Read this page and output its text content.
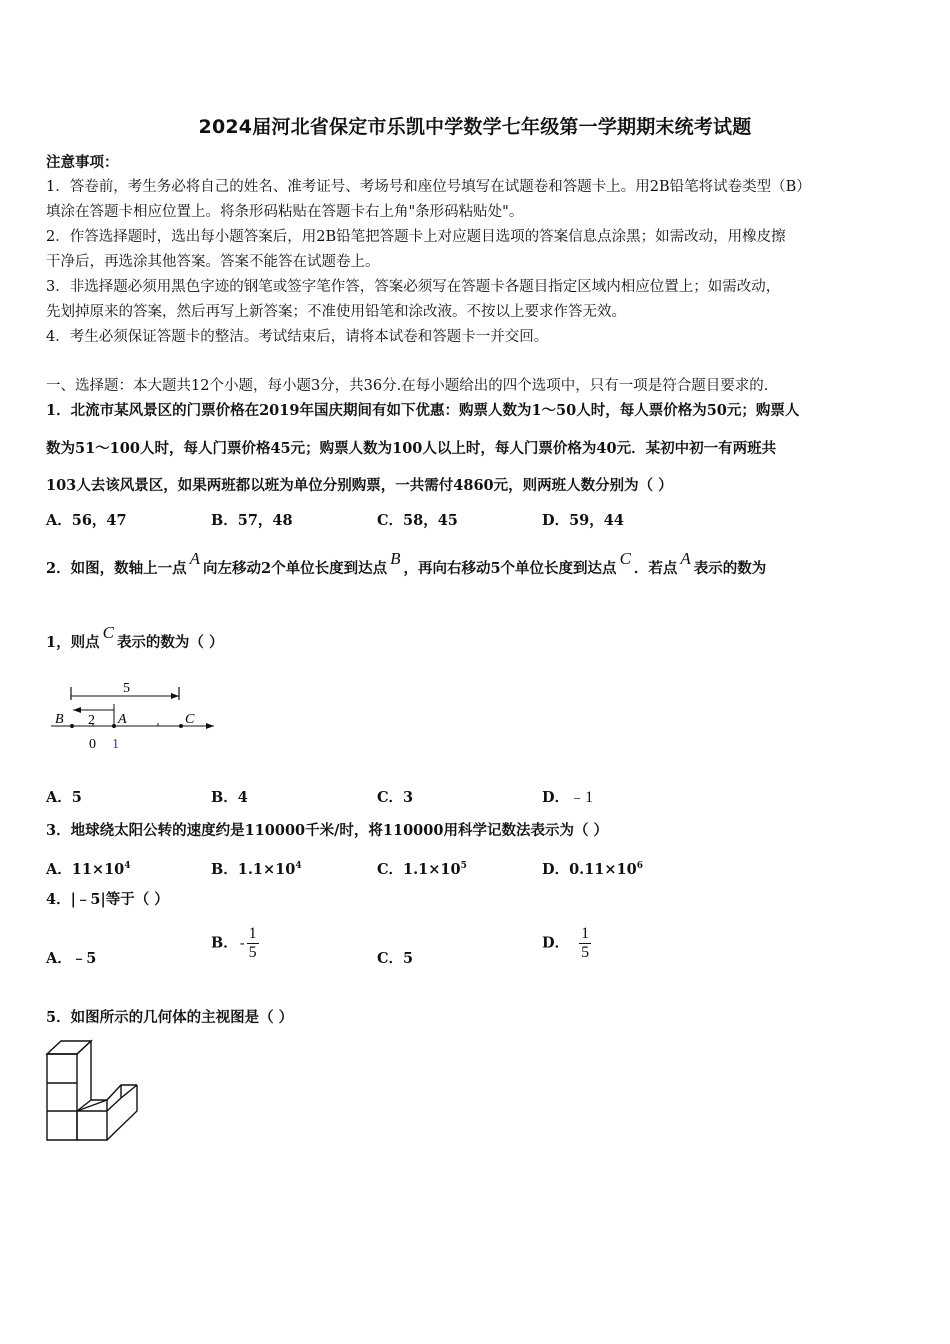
2024届河北省保定市乐凯中学数学七年级第一学期期末统考试题
注意事项：
1．答卷前，考生务必将自己的姓名、准考证号、考场号和座位号填写在试题卷和答题卡上。用2B铅笔将试卷类型（B）
填涂在答题卡相应位置上。将条形码粘贴在答题卡右上角"条形码粘贴处"。
2．作答选择题时，选出每小题答案后，用2B铅笔把答题卡上对应题目选项的答案信息点涂黑；如需改动，用橡皮擦
干净后，再选涂其他答案。答案不能答在试题卷上。
3．非选择题必须用黑色字迹的钢笔或签字笔作答，答案必须写在答题卡各题目指定区域内相应位置上；如需改动，
先划掉原来的答案，然后再写上新答案；不准使用铅笔和涂改液。不按以上要求作答无效。
4．考生必须保证答题卡的整洁。考试结束后，请将本试卷和答题卡一并交回。
一、选择题：本大题共12个小题，每小题3分，共36分.在每小题给出的四个选项中，只有一项是符合题目要求的.
1．北流市某风景区的门票价格在2019年国庆期间有如下优惠：购票人数为1～50人时，每人票价格为50元；购票人
数为51～100人时，每人门票价格45元；购票人数为100人以上时，每人门票价格为40元．某初中初一有两班共
103人去该风景区，如果两班都以班为单位分别购票，一共需付4860元，则两班人数分别为（ ）
A．56，47	B．57，48	C．58，45	D．59，44
2．如图，数轴上一点A向左移动2个单位长度到达点B，再向右移动5个单位长度到达点C．若点A表示的数为
1，则点C表示的数为（ ）
5
2
B	A	C
0 1
A．5	B．4	C．3	D．﹣1
3．地球绕太阳公转的速度约是110000千米/时，将110000用科学记数法表示为（ ）
A．$11\times 10^4$	B．$1.1\times 10^4$	C．$1.1\times 10^5$	D．$0.11\times 10^6$
4．|﹣5|等于（ ）
A．﹣5
B． - $\frac{1}{5}$	C．5
D． $\frac{1}{5}$
5．如图所示的几何体的主视图是（ ）
